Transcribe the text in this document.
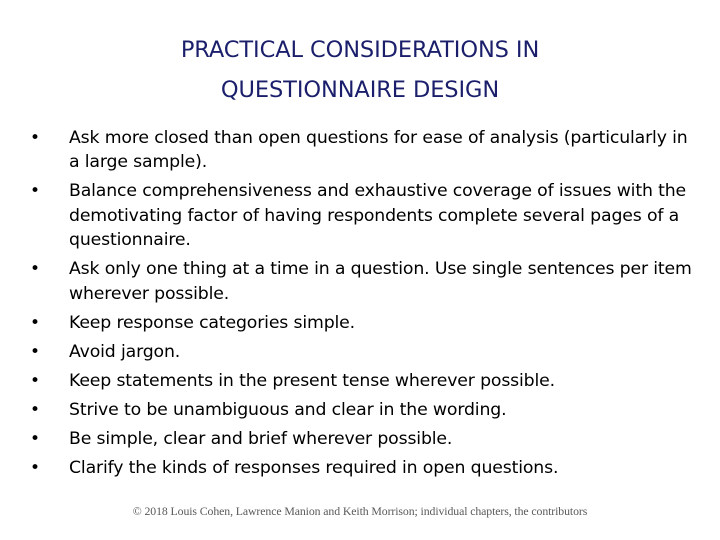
PRACTICAL CONSIDERATIONS IN
QUESTIONNAIRE DESIGN
• Ask more closed than open questions for ease of analysis (particularly in a large sample).
• Balance comprehensiveness and exhaustive coverage of issues with the demotivating factor of having respondents complete several pages of a questionnaire.
• Ask only one thing at a time in a question. Use single sentences per item wherever possible.
• Keep response categories simple.
• Avoid jargon.
• Keep statements in the present tense wherever possible.
• Strive to be unambiguous and clear in the wording.
• Be simple, clear and brief wherever possible.
• Clarify the kinds of responses required in open questions.
© 2018 Louis Cohen, Lawrence Manion and Keith Morrison; individual chapters, the contributors
